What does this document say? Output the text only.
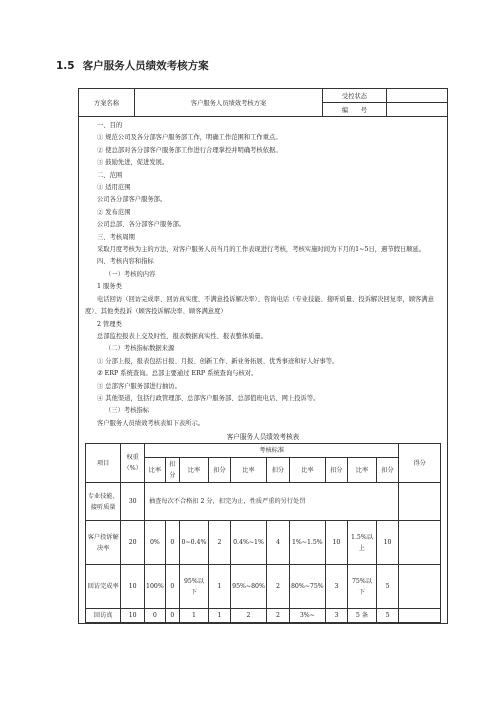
1.5 客户服务人员绩效考核方案
方案名称	客户服务人员绩效考核方案
受控状态
编　　号

一、目的

① 规范公司及各分部客户服务部工作，明确工作范围和工作重点。

② 使总部对各分部客户服务部工作进行合理掌控并明确考核依据。

③ 鼓励先进，促进发展。

二、范围

① 适用范围

公司各分部客户服务部。

② 发布范围

公司总部、各分部客户服务部。

三、考核周期

采取月度考核为主的方法，对客户服务人员当月的工作表现进行考核，考核实施时间为下月的1~5日，遇节假日顺延。

四、考核内容和指标

（一）考核的内容

1 服务类

电话回访（回访完成率、回访真实度、不满意投诉解决率）、咨询电话（专业技能、接听质量、投诉解决回复率，顾客满意度）、其他类投诉（顾客投诉解决率、顾客满意度）

2 管理类

总部监控报表上交及时性、报表数据真实性、报表整体质量。

（二）考核指标数据来源

① 分部上报，报表包括日报、月报、创新工作、新业务拓展、优秀事迹和好人好事等。

② ERP 系统查询。总部主要通过 ERP 系统查询与核对。

③ 总部客户服务部进行抽访。

④ 其他渠道，包括行政管理部、总部客户服务部、总部值班电话、网上投诉等。

（三）考核指标

客户服务人员绩效考核表如下表所示。

客户服务人员绩效考核表
项目	权重（%）	考核标准										得分
		比率	扣分	比率	扣分	比率	扣分	比率	扣分	比率	扣分	
专业技能、接听质量	30	抽查每次不合格扣 2 分，扣完为止，性质严重的另行处罚										
客户投诉解决率	20	0%	0	0~0.4%	2	0.4%~1%	4	1%~1.5%	10	1.5%以上	10	
回访完成率	10	100%	0	95%以下	1	95%~80%	2	80%~75%	3	75%以下	5	
回访真	10	0	0	1	1	2	2	3%~	3	5 条	5	
